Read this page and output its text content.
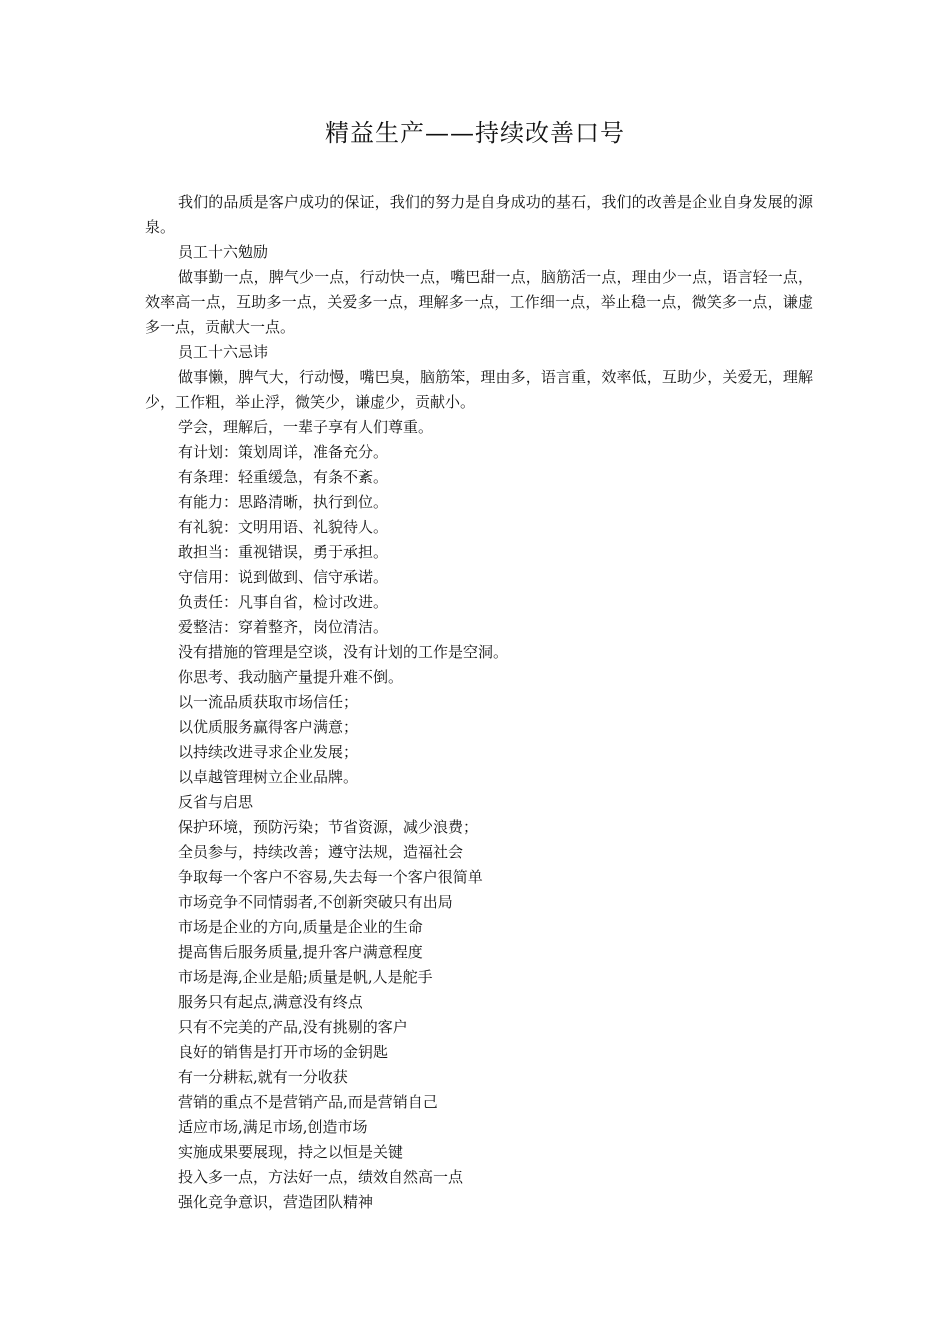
精益生产——持续改善口号

我们的品质是客户成功的保证，我们的努力是自身成功的基石，我们的改善是企业自身发展的源泉。

员工十六勉励

做事勤一点，脾气少一点，行动快一点，嘴巴甜一点，脑筋活一点，理由少一点，语言轻一点，效率高一点，互助多一点，关爱多一点，理解多一点，工作细一点，举止稳一点，微笑多一点，谦虚多一点，贡献大一点。

员工十六忌讳

做事懒，脾气大，行动慢，嘴巴臭，脑筋笨，理由多，语言重，效率低，互助少，关爱无，理解少，工作粗，举止浮，微笑少，谦虚少，贡献小。

学会，理解后，一辈子享有人们尊重。

有计划：策划周详，准备充分。

有条理：轻重缓急，有条不紊。

有能力：思路清晰，执行到位。

有礼貌：文明用语、礼貌待人。

敢担当：重视错误，勇于承担。

守信用：说到做到、信守承诺。

负责任：凡事自省，检讨改进。

爱整洁：穿着整齐，岗位清洁。

没有措施的管理是空谈，没有计划的工作是空洞。

你思考、我动脑产量提升难不倒。

以一流品质获取市场信任；

以优质服务赢得客户满意；

以持续改进寻求企业发展；

以卓越管理树立企业品牌。

反省与启思

保护环境，预防污染；节省资源，减少浪费；

全员参与，持续改善；遵守法规，造福社会

争取每一个客户不容易,失去每一个客户很简单

市场竞争不同情弱者,不创新突破只有出局

市场是企业的方向,质量是企业的生命

提高售后服务质量,提升客户满意程度

市场是海,企业是船;质量是帆,人是舵手

服务只有起点,满意没有终点

只有不完美的产品,没有挑剔的客户

良好的销售是打开市场的金钥匙

有一分耕耘,就有一分收获

营销的重点不是营销产品,而是营销自己

适应市场,满足市场,创造市场

实施成果要展现，持之以恒是关键

投入多一点，方法好一点，绩效自然高一点

强化竞争意识，营造团队精神
